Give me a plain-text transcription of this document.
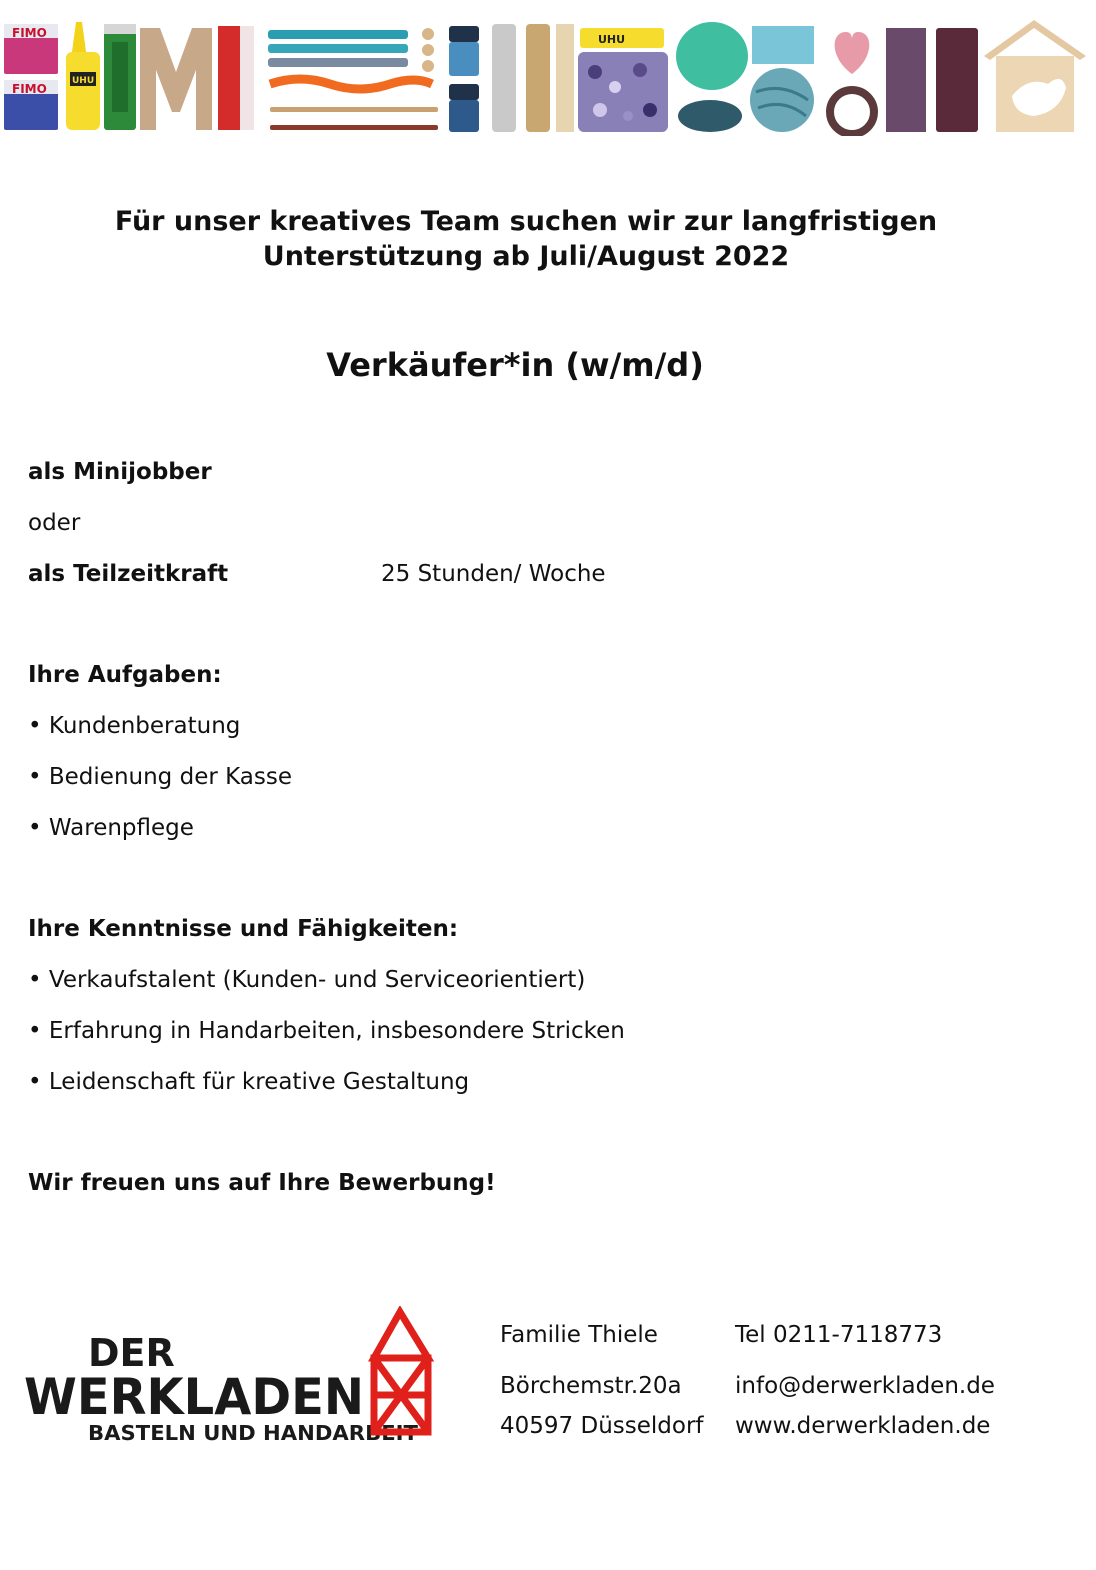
FIMO
FIMO
UHU
UHU
Für unser kreatives Team suchen wir zur langfristigen
Unterstützung ab Juli/August 2022
Verkäufer*in (w/m/d)
als Minijobber
oder
als Teilzeitkraft	25 Stunden/ Woche
Ihre Aufgaben:
• Kundenberatung
• Bedienung der Kasse
• Warenpflege
Ihre Kenntnisse und Fähigkeiten:
• Verkaufstalent (Kunden- und Serviceorientiert)
• Erfahrung in Handarbeiten, insbesondere Stricken
• Leidenschaft für kreative Gestaltung
Wir freuen uns auf Ihre Bewerbung!
DER
WERKLADEN
BASTELN UND HANDARBEIT
Familie Thiele	Tel 0211-7118773
Börchemstr.20a info@derwerkladen.de
40597 Düsseldorf www.derwerkladen.de
